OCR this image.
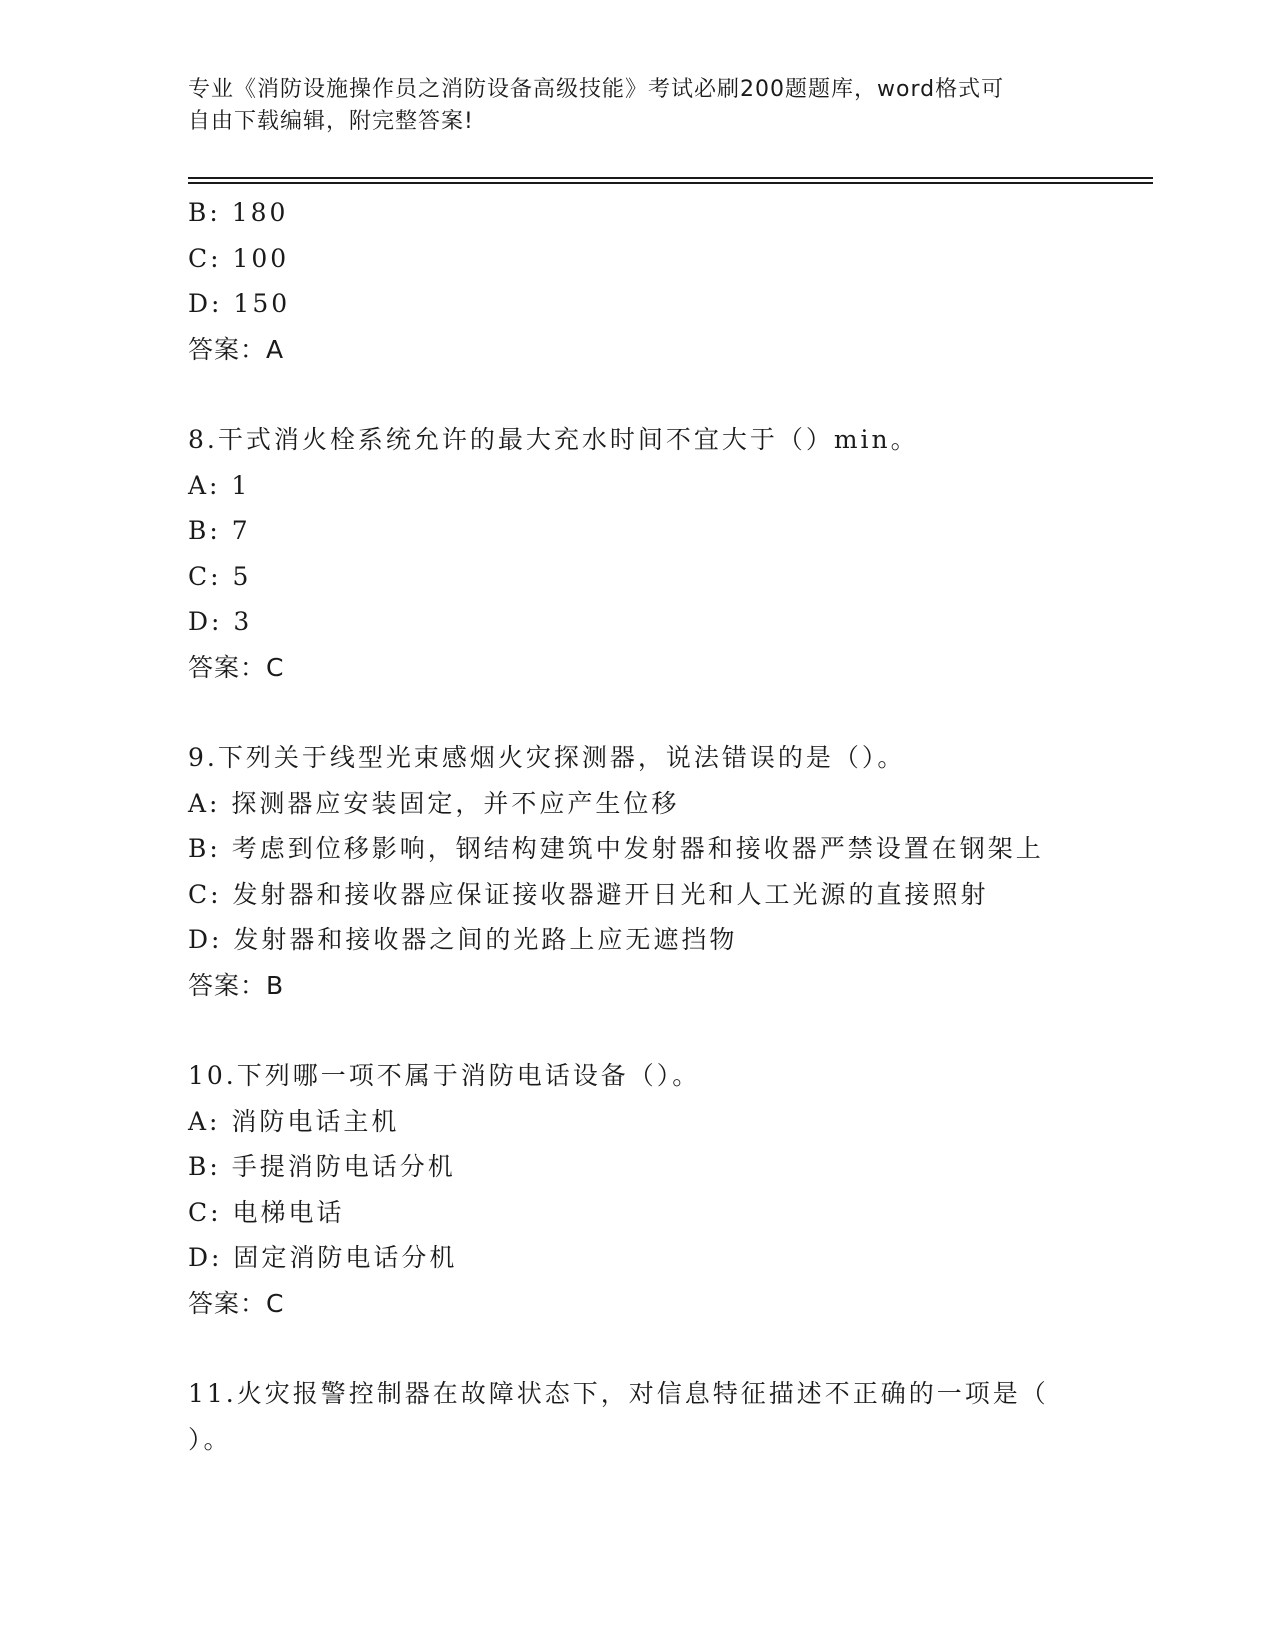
专业《消防设施操作员之消防设备高级技能》考试必刷200题题库，word格式可

自由下载编辑，附完整答案!

B: 180
C: 100
D: 150
答案：A
8.干式消火栓系统允许的最大充水时间不宜大于（）min。
A: 1
B: 7
C: 5
D: 3
答案：C
9.下列关于线型光束感烟火灾探测器，说法错误的是（）。
A: 探测器应安装固定，并不应产生位移
B: 考虑到位移影响，钢结构建筑中发射器和接收器严禁设置在钢架上
C: 发射器和接收器应保证接收器避开日光和人工光源的直接照射
D: 发射器和接收器之间的光路上应无遮挡物
答案：B
10.下列哪一项不属于消防电话设备（）。
A: 消防电话主机
B: 手提消防电话分机
C: 电梯电话
D: 固定消防电话分机
答案：C
11.火灾报警控制器在故障状态下，对信息特征描述不正确的一项是（
）。
